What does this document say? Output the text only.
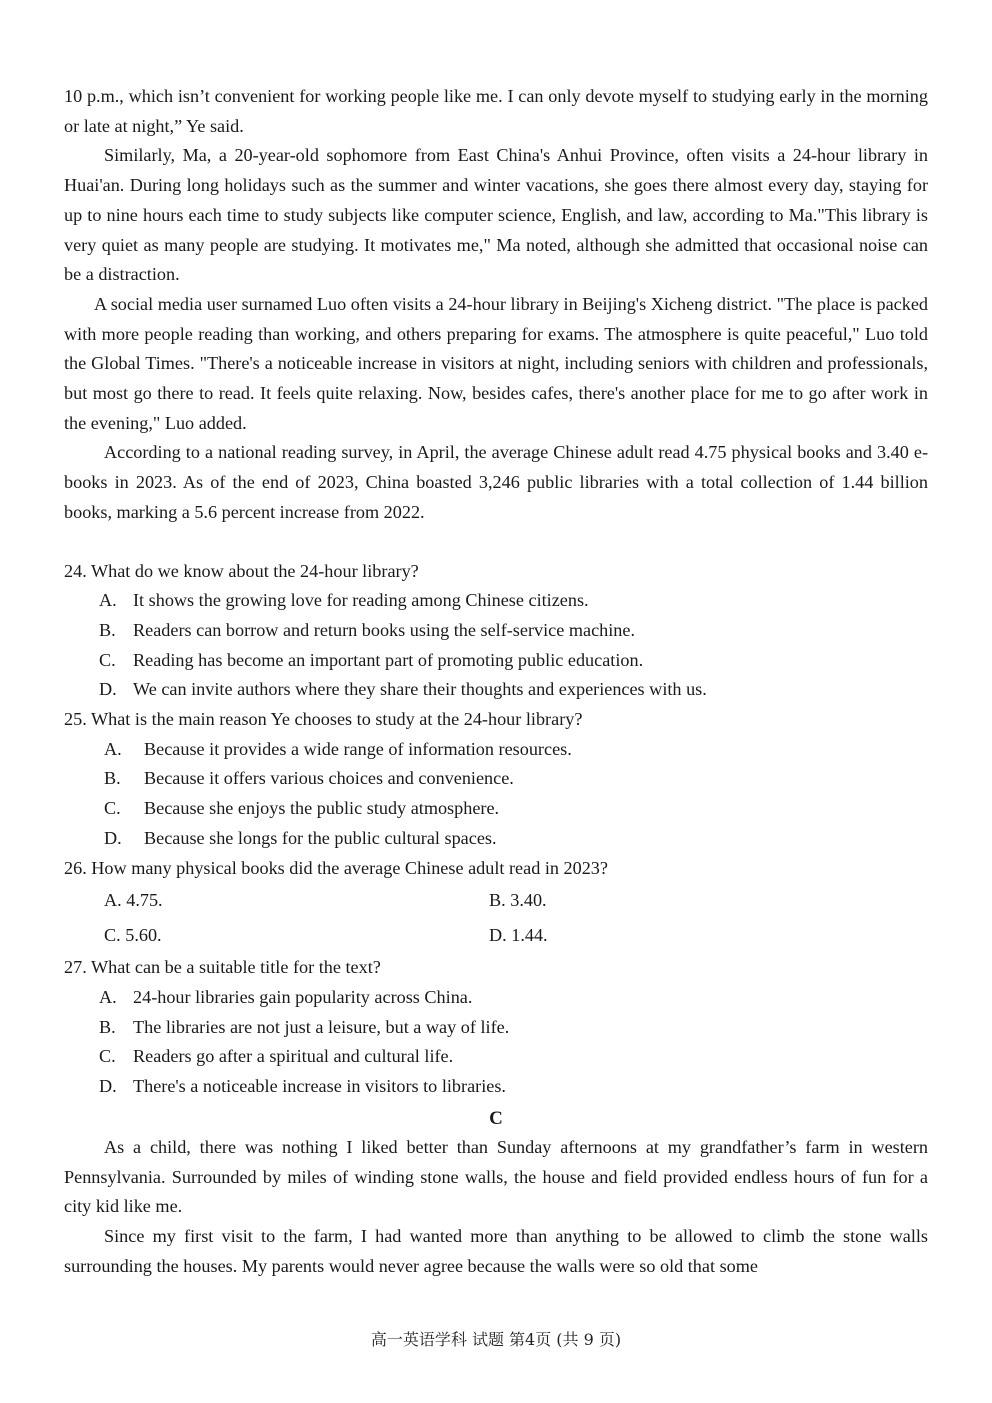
10 p.m., which isn’t convenient for working people like me. I can only devote myself to studying early in the morning or late at night,” Ye said.

Similarly, Ma, a 20-year-old sophomore from East China's Anhui Province, often visits a 24-hour library in Huai'an. During long holidays such as the summer and winter vacations, she goes there almost every day, staying for up to nine hours each time to study subjects like computer science, English, and law, according to Ma."This library is very quiet as many people are studying. It motivates me," Ma noted, although she admitted that occasional noise can be a distraction.

A social media user surnamed Luo often visits a 24-hour library in Beijing's Xicheng district. "The place is packed with more people reading than working, and others preparing for exams. The atmosphere is quite peaceful," Luo told the Global Times. "There's a noticeable increase in visitors at night, including seniors with children and professionals, but most go there to read. It feels quite relaxing. Now, besides cafes, there's another place for me to go after work in the evening," Luo added.

According to a national reading survey, in April, the average Chinese adult read 4.75 physical books and 3.40 e-books in 2023. As of the end of 2023, China boasted 3,246 public libraries with a total collection of 1.44 billion books, marking a 5.6 percent increase from 2022.

24. What do we know about the 24-hour library?

A. It shows the growing love for reading among Chinese citizens.
B. Readers can borrow and return books using the self-service machine.
C. Reading has become an important part of promoting public education.
D. We can invite authors where they share their thoughts and experiences with us.

25. What is the main reason Ye chooses to study at the 24-hour library?

A.	Because it provides a wide range of information resources.
B.	Because it offers various choices and convenience.
C.	Because she enjoys the public study atmosphere.
D.	Because she longs for the public cultural spaces.

26. How many physical books did the average Chinese adult read in 2023?

A. 4.75.	B. 3.40.
C. 5.60.	D. 1.44.

27. What can be a suitable title for the text?

A. 24-hour libraries gain popularity across China.
B. The libraries are not just a leisure, but a way of life.
C. Readers go after a spiritual and cultural life.
D. There's a noticeable increase in visitors to libraries.
C

As a child, there was nothing I liked better than Sunday afternoons at my grandfather’s farm in western Pennsylvania. Surrounded by miles of winding stone walls, the house and field provided endless hours of fun for a city kid like me.

Since my first visit to the farm, I had wanted more than anything to be allowed to climb the stone walls surrounding the houses. My parents would never agree because the walls were so old that some

高一英语学科 试题 第4页 (共 9 页)
